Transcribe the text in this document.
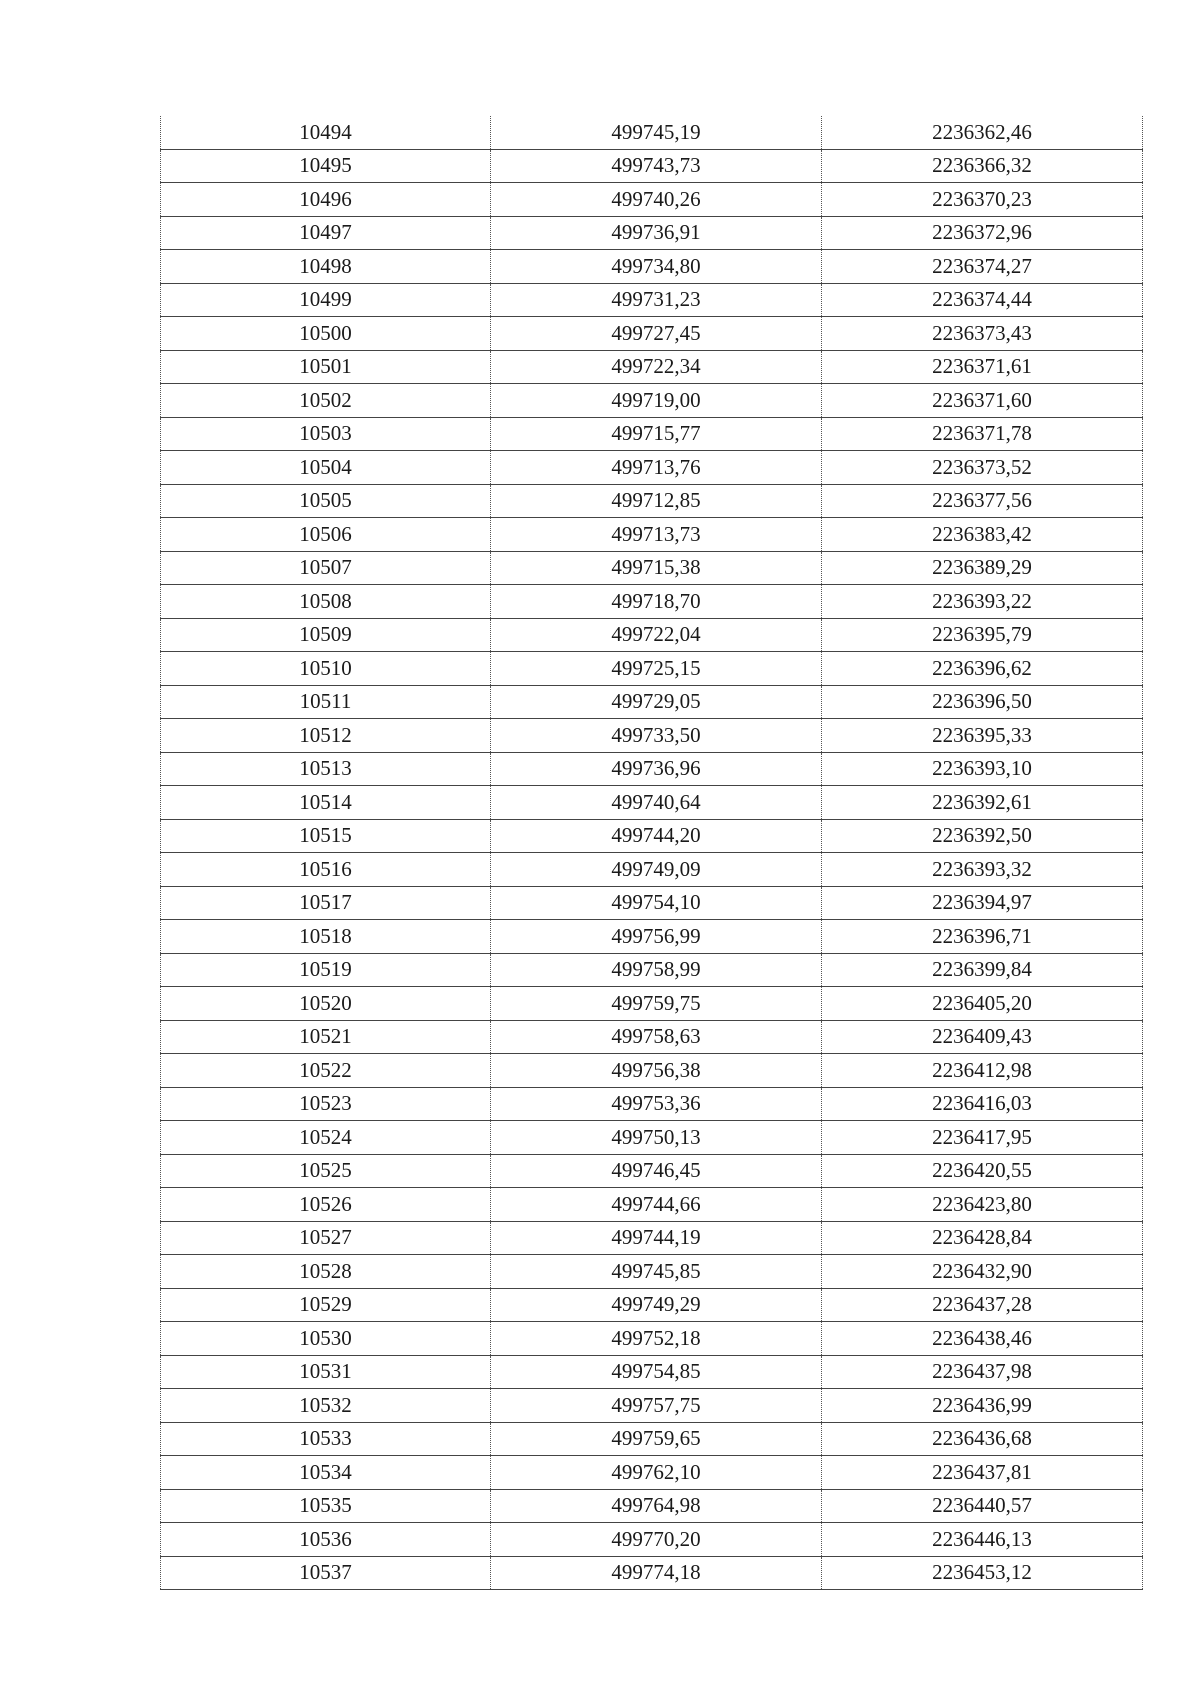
10494	499745,19	2236362,46
10495	499743,73	2236366,32
10496	499740,26	2236370,23
10497	499736,91	2236372,96
10498	499734,80	2236374,27
10499	499731,23	2236374,44
10500	499727,45	2236373,43
10501	499722,34	2236371,61
10502	499719,00	2236371,60
10503	499715,77	2236371,78
10504	499713,76	2236373,52
10505	499712,85	2236377,56
10506	499713,73	2236383,42
10507	499715,38	2236389,29
10508	499718,70	2236393,22
10509	499722,04	2236395,79
10510	499725,15	2236396,62
10511	499729,05	2236396,50
10512	499733,50	2236395,33
10513	499736,96	2236393,10
10514	499740,64	2236392,61
10515	499744,20	2236392,50
10516	499749,09	2236393,32
10517	499754,10	2236394,97
10518	499756,99	2236396,71
10519	499758,99	2236399,84
10520	499759,75	2236405,20
10521	499758,63	2236409,43
10522	499756,38	2236412,98
10523	499753,36	2236416,03
10524	499750,13	2236417,95
10525	499746,45	2236420,55
10526	499744,66	2236423,80
10527	499744,19	2236428,84
10528	499745,85	2236432,90
10529	499749,29	2236437,28
10530	499752,18	2236438,46
10531	499754,85	2236437,98
10532	499757,75	2236436,99
10533	499759,65	2236436,68
10534	499762,10	2236437,81
10535	499764,98	2236440,57
10536	499770,20	2236446,13
10537	499774,18	2236453,12
